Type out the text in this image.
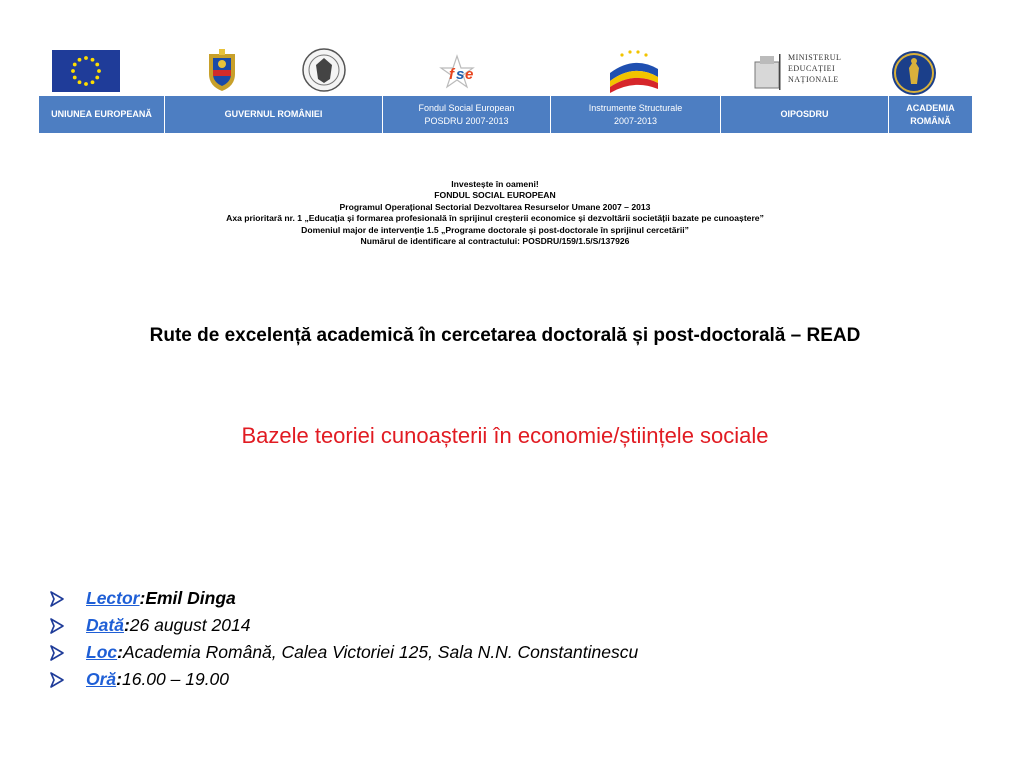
f s e
MINISTERUL
EDUCAȚIEI
NAȚIONALE
UNIUNEA EUROPEANĂ	GUVERNUL ROMÂNIEI
Fondul Social European
POSDRU 2007-2013
Instrumente Structurale
2007-2013
OIPOSDRU
ACADEMIA ROMÂNĂ
Investește în oameni!
FONDUL SOCIAL EUROPEAN
Programul Operațional Sectorial Dezvoltarea Resurselor Umane 2007 – 2013
Axa prioritară nr. 1 „Educația și formarea profesională în sprijinul creșterii economice și dezvoltării societății bazate pe cunoaștere”
Domeniul major de intervenție 1.5 „Programe doctorale și post-doctorale în sprijinul cercetării”
Numărul de identificare al contractului: POSDRU/159/1.5/S/137926
Rute de excelență academică în cercetarea doctorală și post-doctorală – READ
Bazele teoriei cunoașterii în economie/științele sociale
Lector : Emil Dinga
Dată : 26 august 2014
Loc : Academia Română, Calea Victoriei 125, Sala N.N. Constantinescu
Oră : 16.00 – 19.00
